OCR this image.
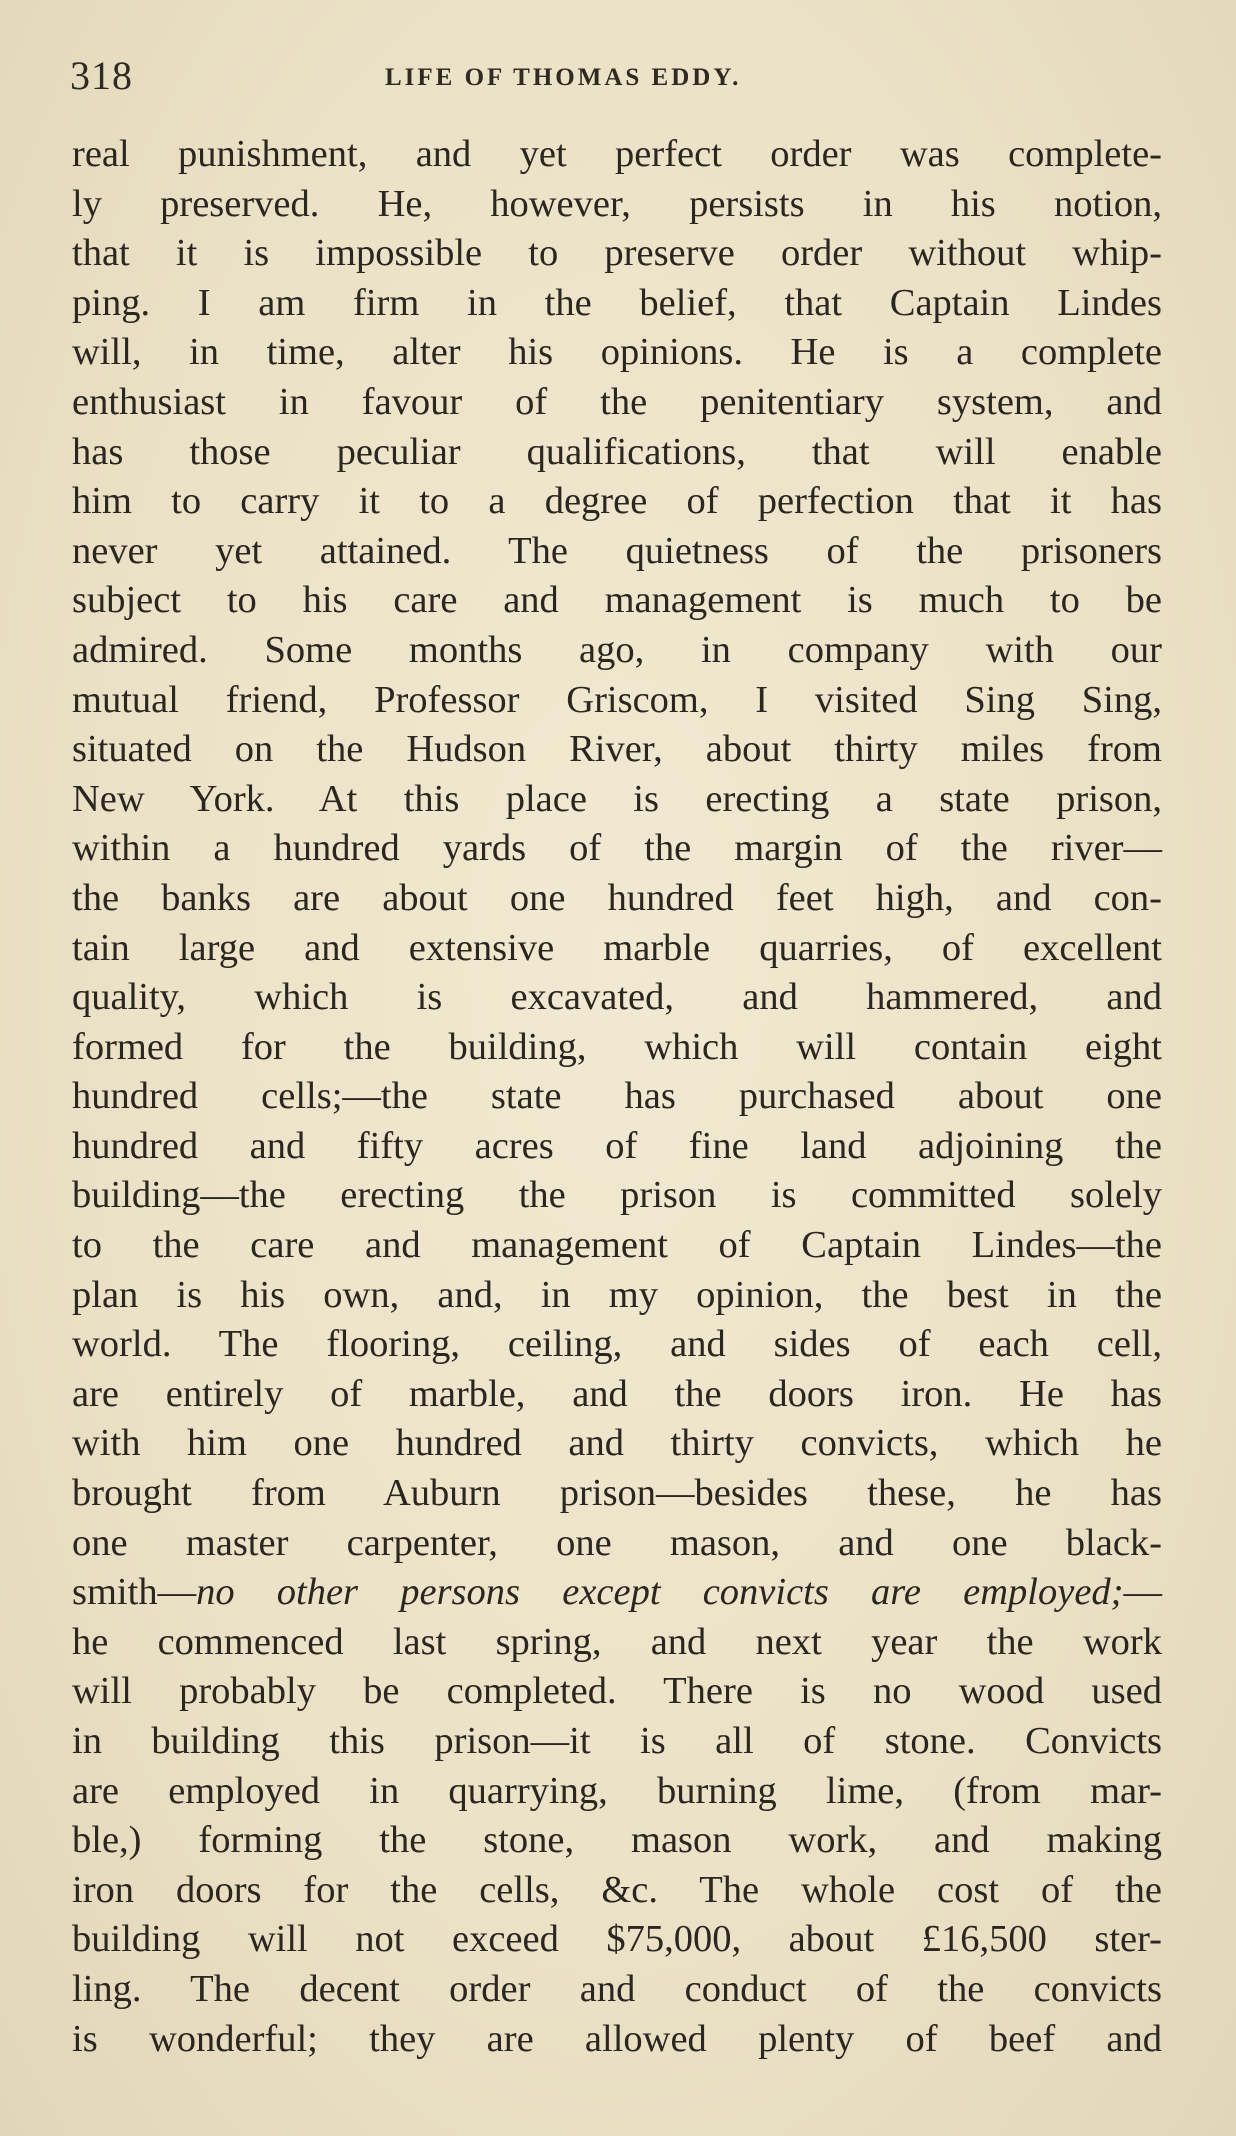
318	LIFE OF THOMAS EDDY.
real punishment, and yet perfect order was complete-
ly preserved. He, however, persists in his notion,
that it is impossible to preserve order without whip-
ping. I am firm in the belief, that Captain Lindes
will, in time, alter his opinions. He is a complete
enthusiast in favour of the penitentiary system, and
has those peculiar qualifications, that will enable
him to carry it to a degree of perfection that it has
never yet attained. The quietness of the prisoners
subject to his care and management is much to be
admired. Some months ago, in company with our
mutual friend, Professor Griscom, I visited Sing Sing,
situated on the Hudson River, about thirty miles from
New York. At this place is erecting a state prison,
within a hundred yards of the margin of the river—
the banks are about one hundred feet high, and con-
tain large and extensive marble quarries, of excellent
quality, which is excavated, and hammered, and
formed for the building, which will contain eight
hundred cells;—the state has purchased about one
hundred and fifty acres of fine land adjoining the
building—the erecting the prison is committed solely
to the care and management of Captain Lindes—the
plan is his own, and, in my opinion, the best in the
world. The flooring, ceiling, and sides of each cell,
are entirely of marble, and the doors iron. He has
with him one hundred and thirty convicts, which he
brought from Auburn prison—besides these, he has
one master carpenter, one mason, and one black-
smith—no other persons except convicts are employed;—
he commenced last spring, and next year the work
will probably be completed. There is no wood used
in building this prison—it is all of stone. Convicts
are employed in quarrying, burning lime, (from mar-
ble,) forming the stone, mason work, and making
iron doors for the cells, &c. The whole cost of the
building will not exceed $75,000, about £16,500 ster-
ling. The decent order and conduct of the convicts
is wonderful; they are allowed plenty of beef and
